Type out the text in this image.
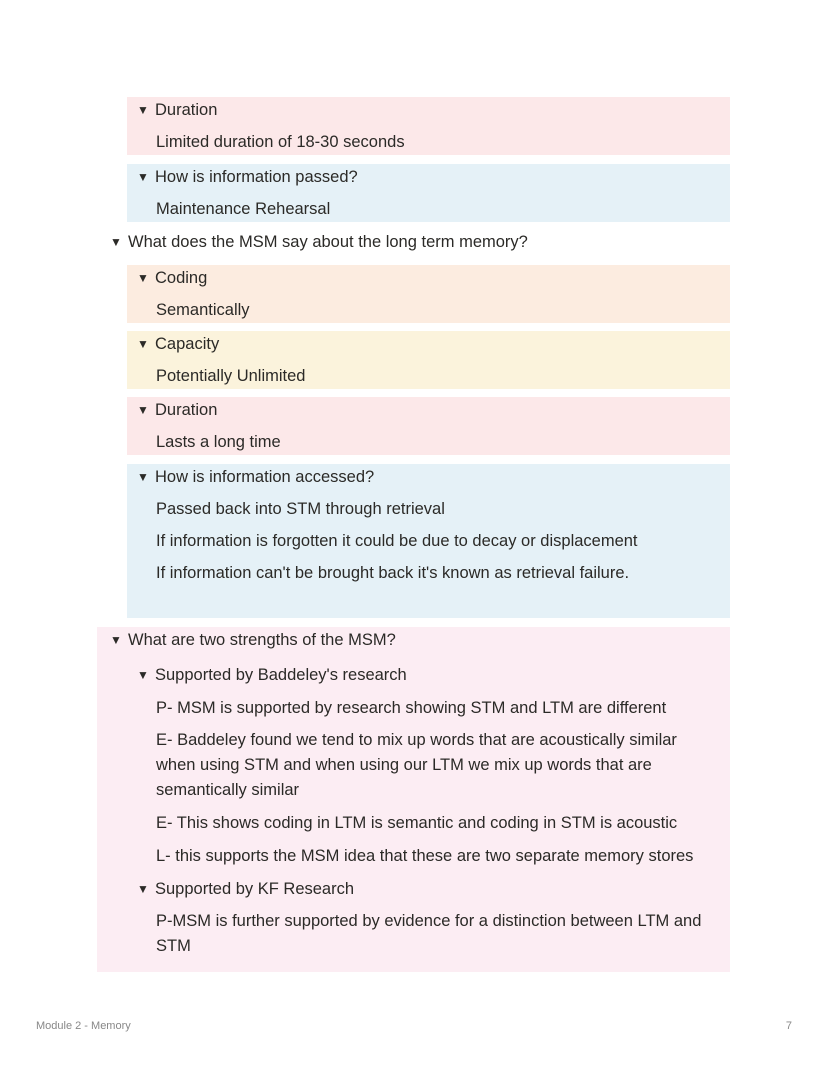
▼ Duration
Limited duration of 18-30 seconds
▼ How is information passed?
Maintenance Rehearsal
▼ What does the MSM say about the long term memory?
▼ Coding
Semantically
▼ Capacity
Potentially Unlimited
▼ Duration
Lasts a long time
▼ How is information accessed?
Passed back into STM through retrieval
If information is forgotten it could be due to decay or displacement
If information can't be brought back it's known as retrieval failure.
▼ What are two strengths of the MSM?
▼ Supported by Baddeley's research
P- MSM is supported by research showing STM and LTM are different
E- Baddeley found we tend to mix up words that are acoustically similar when using STM and when using our LTM we mix up words that are semantically similar
E- This shows coding in LTM is semantic and coding in STM is acoustic
L- this supports the MSM idea that these are two separate memory stores
▼ Supported by KF Research
P-MSM is further supported by evidence for a distinction between LTM and STM
Module 2 - Memory	7
